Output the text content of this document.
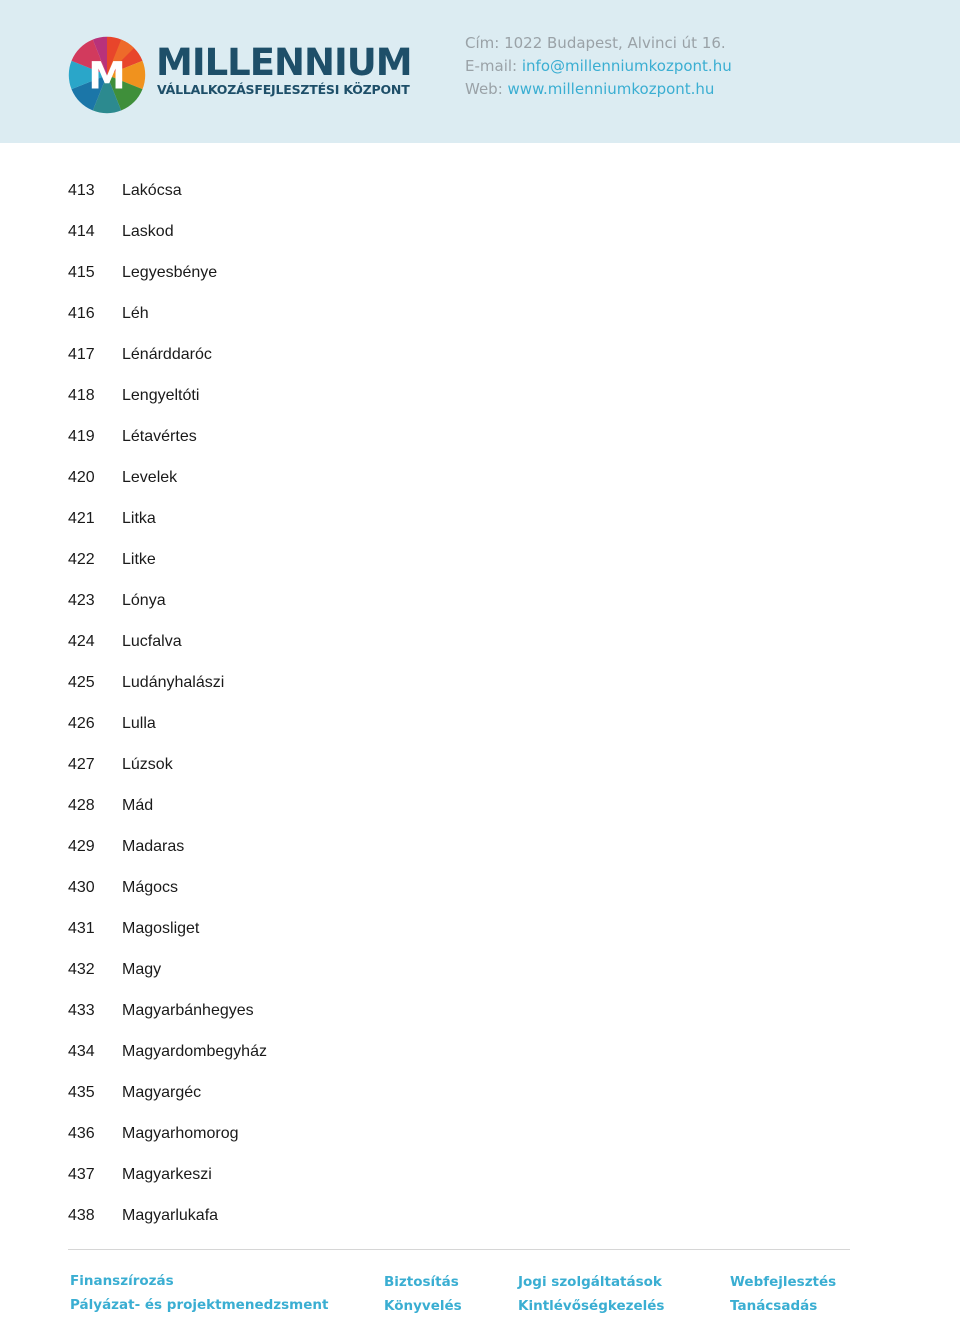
M MILLENNIUM
VÁLLALKOZÁSFEJLESZTÉSI KÖZPONT
Cím: 1022 Budapest, Alvinci út 16.
E-mail: info@millenniumkozpont.hu
Web: www.millenniumkozpont.hu
413	Lakócsa
414	Laskod
415	Legyesbénye
416	Léh
417	Lénárddaróc
418	Lengyeltóti
419	Létavértes
420	Levelek
421	Litka
422	Litke
423	Lónya
424	Lucfalva
425	Ludányhalászi
426	Lulla
427	Lúzsok
428	Mád
429	Madaras
430	Mágocs
431	Magosliget
432	Magy
433	Magyarbánhegyes
434	Magyardombegyház
435	Magyargéc
436	Magyarhomorog
437	Magyarkeszi
438	Magyarlukafa
Finanszírozás
Pályázat- és projektmenedzsment
Biztosítás
Könyvelés
Jogi szolgáltatások
Kintlévőségkezelés
Webfejlesztés
Tanácsadás
